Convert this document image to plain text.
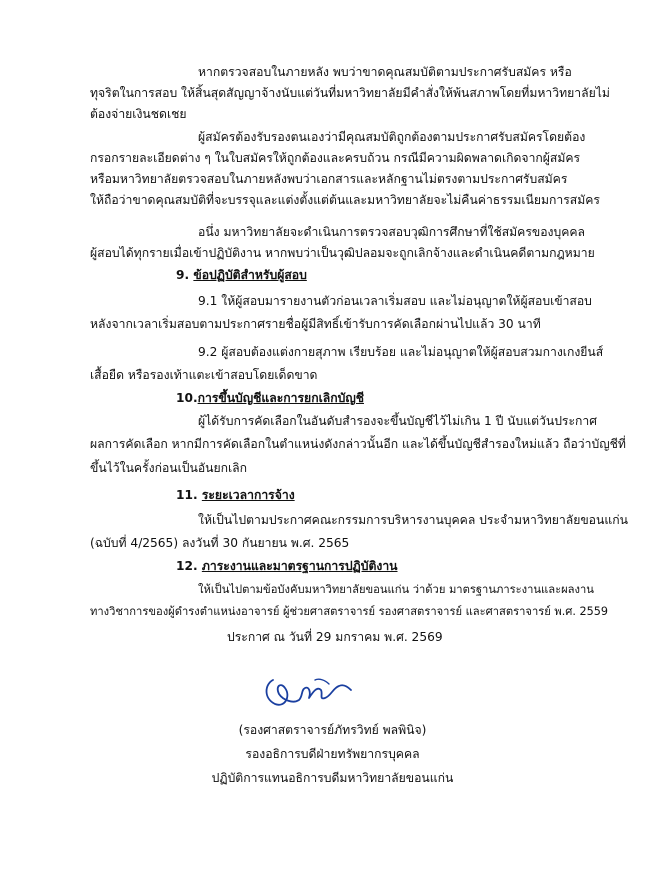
หากตรวจสอบในภายหลัง พบว่าขาดคุณสมบัติตามประกาศรับสมัคร หรือ
ทุจริตในการสอบ ให้สิ้นสุดสัญญาจ้างนับแต่วันที่มหาวิทยาลัยมีคำสั่งให้พ้นสภาพโดยที่มหาวิทยาลัยไม่
ต้องจ่ายเงินชดเชย
ผู้สมัครต้องรับรองตนเองว่ามีคุณสมบัติถูกต้องตามประกาศรับสมัครโดยต้อง
กรอกรายละเอียดต่าง ๆ ในใบสมัครให้ถูกต้องและครบถ้วน กรณีมีความผิดพลาดเกิดจากผู้สมัคร
หรือมหาวิทยาลัยตรวจสอบในภายหลังพบว่าเอกสารและหลักฐานไม่ตรงตามประกาศรับสมัคร
ให้ถือว่าขาดคุณสมบัติที่จะบรรจุและแต่งตั้งแต่ต้นและมหาวิทยาลัยจะไม่คืนค่าธรรมเนียมการสมัคร
อนึ่ง มหาวิทยาลัยจะดำเนินการตรวจสอบวุฒิการศึกษาที่ใช้สมัครของบุคคล
ผู้สอบได้ทุกรายเมื่อเข้าปฏิบัติงาน หากพบว่าเป็นวุฒิปลอมจะถูกเลิกจ้างและดำเนินคดีตามกฎหมาย
9. ข้อปฏิบัติสำหรับผู้สอบ
9.1 ให้ผู้สอบมารายงานตัวก่อนเวลาเริ่มสอบ และไม่อนุญาตให้ผู้สอบเข้าสอบ
หลังจากเวลาเริ่มสอบตามประกาศรายชื่อผู้มีสิทธิ์เข้ารับการคัดเลือกผ่านไปแล้ว 30 นาที
9.2 ผู้สอบต้องแต่งกายสุภาพ เรียบร้อย และไม่อนุญาตให้ผู้สอบสวมกางเกงยีนส์
เสื้อยืด หรือรองเท้าแตะเข้าสอบโดยเด็ดขาด
10.การขึ้นบัญชีและการยกเลิกบัญชี
ผู้ได้รับการคัดเลือกในอันดับสำรองจะขึ้นบัญชีไว้ไม่เกิน 1 ปี นับแต่วันประกาศ
ผลการคัดเลือก หากมีการคัดเลือกในตำแหน่งดังกล่าวนั้นอีก และได้ขึ้นบัญชีสำรองใหม่แล้ว ถือว่าบัญชีที่
ขึ้นไว้ในครั้งก่อนเป็นอันยกเลิก
11. ระยะเวลาการจ้าง
ให้เป็นไปตามประกาศคณะกรรมการบริหารงานบุคคล ประจำมหาวิทยาลัยขอนแก่น
(ฉบับที่ 4/2565) ลงวันที่ 30 กันยายน พ.ศ. 2565
12. ภาระงานและมาตรฐานการปฏิบัติงาน
ให้เป็นไปตามข้อบังคับมหาวิทยาลัยขอนแก่น ว่าด้วย มาตรฐานภาระงานและผลงาน
ทางวิชาการของผู้ดำรงตำแหน่งอาจารย์ ผู้ช่วยศาสตราจารย์ รองศาสตราจารย์ และศาสตราจารย์ พ.ศ. 2559
ประกาศ ณ วันที่ 29 มกราคม พ.ศ. 2569
(รองศาสตราจารย์ภัทรวิทย์ พลพินิจ)
รองอธิการบดีฝ่ายทรัพยากรบุคคล
ปฏิบัติการแทนอธิการบดีมหาวิทยาลัยขอนแก่น
